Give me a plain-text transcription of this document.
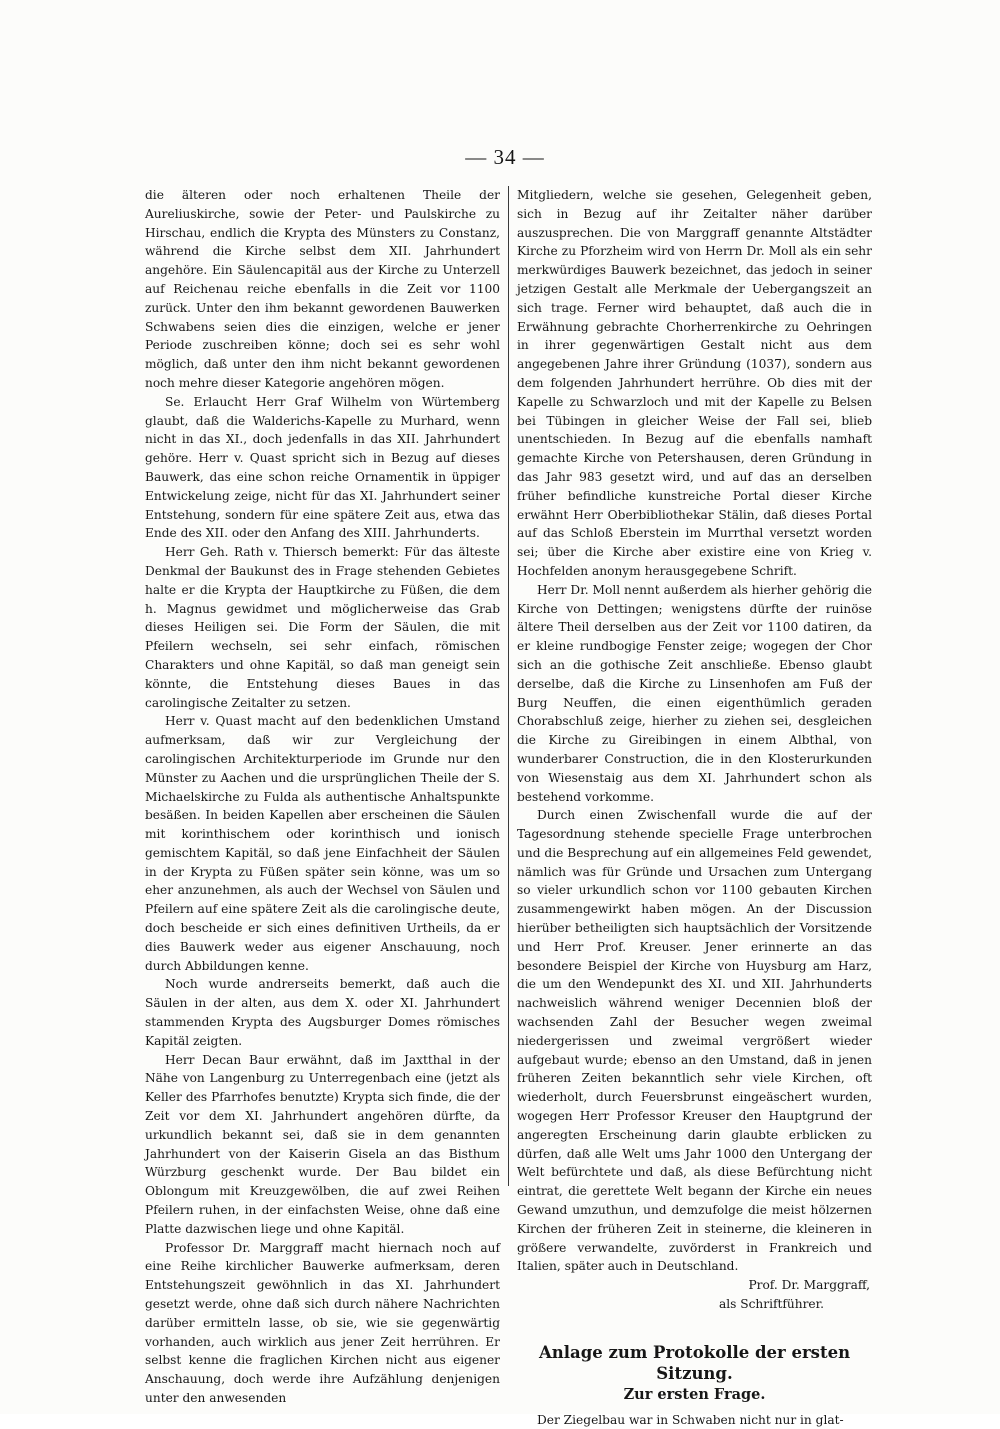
— 34 —

die älteren oder noch erhaltenen Theile der Aureliuskirche, sowie der Peter- und Paulskirche zu Hirschau, endlich die Krypta des Münsters zu Constanz, während die Kirche selbst dem XII. Jahrhundert angehöre. Ein Säulencapitäl aus der Kirche zu Unterzell auf Reichenau reiche ebenfalls in die Zeit vor 1100 zurück. Unter den ihm bekannt gewordenen Bauwerken Schwabens seien dies die einzigen, welche er jener Periode zuschreiben könne; doch sei es sehr wohl möglich, daß unter den ihm nicht bekannt gewordenen noch mehre dieser Kategorie angehören mögen.

Se. Erlaucht Herr Graf Wilhelm von Würtemberg glaubt, daß die Walderichs-Kapelle zu Murhard, wenn nicht in das XI., doch jedenfalls in das XII. Jahrhundert gehöre. Herr v. Quast spricht sich in Bezug auf dieses Bauwerk, das eine schon reiche Ornamentik in üppiger Entwickelung zeige, nicht für das XI. Jahrhundert seiner Entstehung, sondern für eine spätere Zeit aus, etwa das Ende des XII. oder den Anfang des XIII. Jahrhunderts.

Herr Geh. Rath v. Thiersch bemerkt: Für das älteste Denkmal der Baukunst des in Frage stehenden Gebietes halte er die Krypta der Hauptkirche zu Füßen, die dem h. Magnus gewidmet und möglicherweise das Grab dieses Heiligen sei. Die Form der Säulen, die mit Pfeilern wechseln, sei sehr einfach, römischen Charakters und ohne Kapitäl, so daß man geneigt sein könnte, die Entstehung dieses Baues in das carolingische Zeitalter zu setzen.

Herr v. Quast macht auf den bedenklichen Umstand aufmerksam, daß wir zur Vergleichung der carolingischen Architekturperiode im Grunde nur den Münster zu Aachen und die ursprünglichen Theile der S. Michaelskirche zu Fulda als authentische Anhaltspunkte besäßen. In beiden Kapellen aber erscheinen die Säulen mit korinthischem oder korinthisch und ionisch gemischtem Kapitäl, so daß jene Einfachheit der Säulen in der Krypta zu Füßen später sein könne, was um so eher anzunehmen, als auch der Wechsel von Säulen und Pfeilern auf eine spätere Zeit als die carolingische deute, doch bescheide er sich eines definitiven Urtheils, da er dies Bauwerk weder aus eigener Anschauung, noch durch Abbildungen kenne.

Noch wurde andrerseits bemerkt, daß auch die Säulen in der alten, aus dem X. oder XI. Jahrhundert stammenden Krypta des Augsburger Domes römisches Kapitäl zeigten.

Herr Decan Baur erwähnt, daß im Jaxtthal in der Nähe von Langenburg zu Unterregenbach eine (jetzt als Keller des Pfarrhofes benutzte) Krypta sich finde, die der Zeit vor dem XI. Jahrhundert angehören dürfte, da urkundlich bekannt sei, daß sie in dem genannten Jahrhundert von der Kaiserin Gisela an das Bisthum Würzburg geschenkt wurde. Der Bau bildet ein Oblongum mit Kreuzgewölben, die auf zwei Reihen Pfeilern ruhen, in der einfachsten Weise, ohne daß eine Platte dazwischen liege und ohne Kapitäl.

Professor Dr. Marggraff macht hiernach noch auf eine Reihe kirchlicher Bauwerke aufmerksam, deren Entstehungszeit gewöhnlich in das XI. Jahrhundert gesetzt werde, ohne daß sich durch nähere Nachrichten darüber ermitteln lasse, ob sie, wie sie gegenwärtig vorhanden, auch wirklich aus jener Zeit herrühren. Er selbst kenne die fraglichen Kirchen nicht aus eigener Anschauung, doch werde ihre Aufzählung denjenigen unter den anwesenden

Mitgliedern, welche sie gesehen, Gelegenheit geben, sich in Bezug auf ihr Zeitalter näher darüber auszusprechen. Die von Marggraff genannte Altstädter Kirche zu Pforzheim wird von Herrn Dr. Moll als ein sehr merkwürdiges Bauwerk bezeichnet, das jedoch in seiner jetzigen Gestalt alle Merkmale der Uebergangszeit an sich trage. Ferner wird behauptet, daß auch die in Erwähnung gebrachte Chorherrenkirche zu Oehringen in ihrer gegenwärtigen Gestalt nicht aus dem angegebenen Jahre ihrer Gründung (1037), sondern aus dem folgenden Jahrhundert herrühre. Ob dies mit der Kapelle zu Schwarzloch und mit der Kapelle zu Belsen bei Tübingen in gleicher Weise der Fall sei, blieb unentschieden. In Bezug auf die ebenfalls namhaft gemachte Kirche von Petershausen, deren Gründung in das Jahr 983 gesetzt wird, und auf das an derselben früher befindliche kunstreiche Portal dieser Kirche erwähnt Herr Oberbibliothekar Stälin, daß dieses Portal auf das Schloß Eberstein im Murrthal versetzt worden sei; über die Kirche aber existire eine von Krieg v. Hochfelden anonym herausgegebene Schrift.

Herr Dr. Moll nennt außerdem als hierher gehörig die Kirche von Dettingen; wenigstens dürfte der ruinöse ältere Theil derselben aus der Zeit vor 1100 datiren, da er kleine rundbogige Fenster zeige; wogegen der Chor sich an die gothische Zeit anschließe. Ebenso glaubt derselbe, daß die Kirche zu Linsenhofen am Fuß der Burg Neuffen, die einen eigenthümlich geraden Chorabschluß zeige, hierher zu ziehen sei, desgleichen die Kirche zu Gireibingen in einem Albthal, von wunderbarer Construction, die in den Klosterurkunden von Wiesenstaig aus dem XI. Jahrhundert schon als bestehend vorkomme.

Durch einen Zwischenfall wurde die auf der Tagesordnung stehende specielle Frage unterbrochen und die Besprechung auf ein allgemeines Feld gewendet, nämlich was für Gründe und Ursachen zum Untergang so vieler urkundlich schon vor 1100 gebauten Kirchen zusammengewirkt haben mögen. An der Discussion hierüber betheiligten sich hauptsächlich der Vorsitzende und Herr Prof. Kreuser. Jener erinnerte an das besondere Beispiel der Kirche von Huysburg am Harz, die um den Wendepunkt des XI. und XII. Jahrhunderts nachweislich während weniger Decennien bloß der wachsenden Zahl der Besucher wegen zweimal niedergerissen und zweimal vergrößert wieder aufgebaut wurde; ebenso an den Umstand, daß in jenen früheren Zeiten bekanntlich sehr viele Kirchen, oft wiederholt, durch Feuersbrunst eingeäschert wurden, wogegen Herr Professor Kreuser den Hauptgrund der angeregten Erscheinung darin glaubte erblicken zu dürfen, daß alle Welt ums Jahr 1000 den Untergang der Welt befürchtete und daß, als diese Befürchtung nicht eintrat, die gerettete Welt begann der Kirche ein neues Gewand umzuthun, und demzufolge die meist hölzernen Kirchen der früheren Zeit in steinerne, die kleineren in größere verwandelte, zuvörderst in Frankreich und Italien, später auch in Deutschland.

Prof. Dr. Marggraff,
als Schriftführer.
Anlage zum Protokolle der ersten Sitzung.
Zur ersten Frage.

Der Ziegelbau war in Schwaben nicht nur in glat-
